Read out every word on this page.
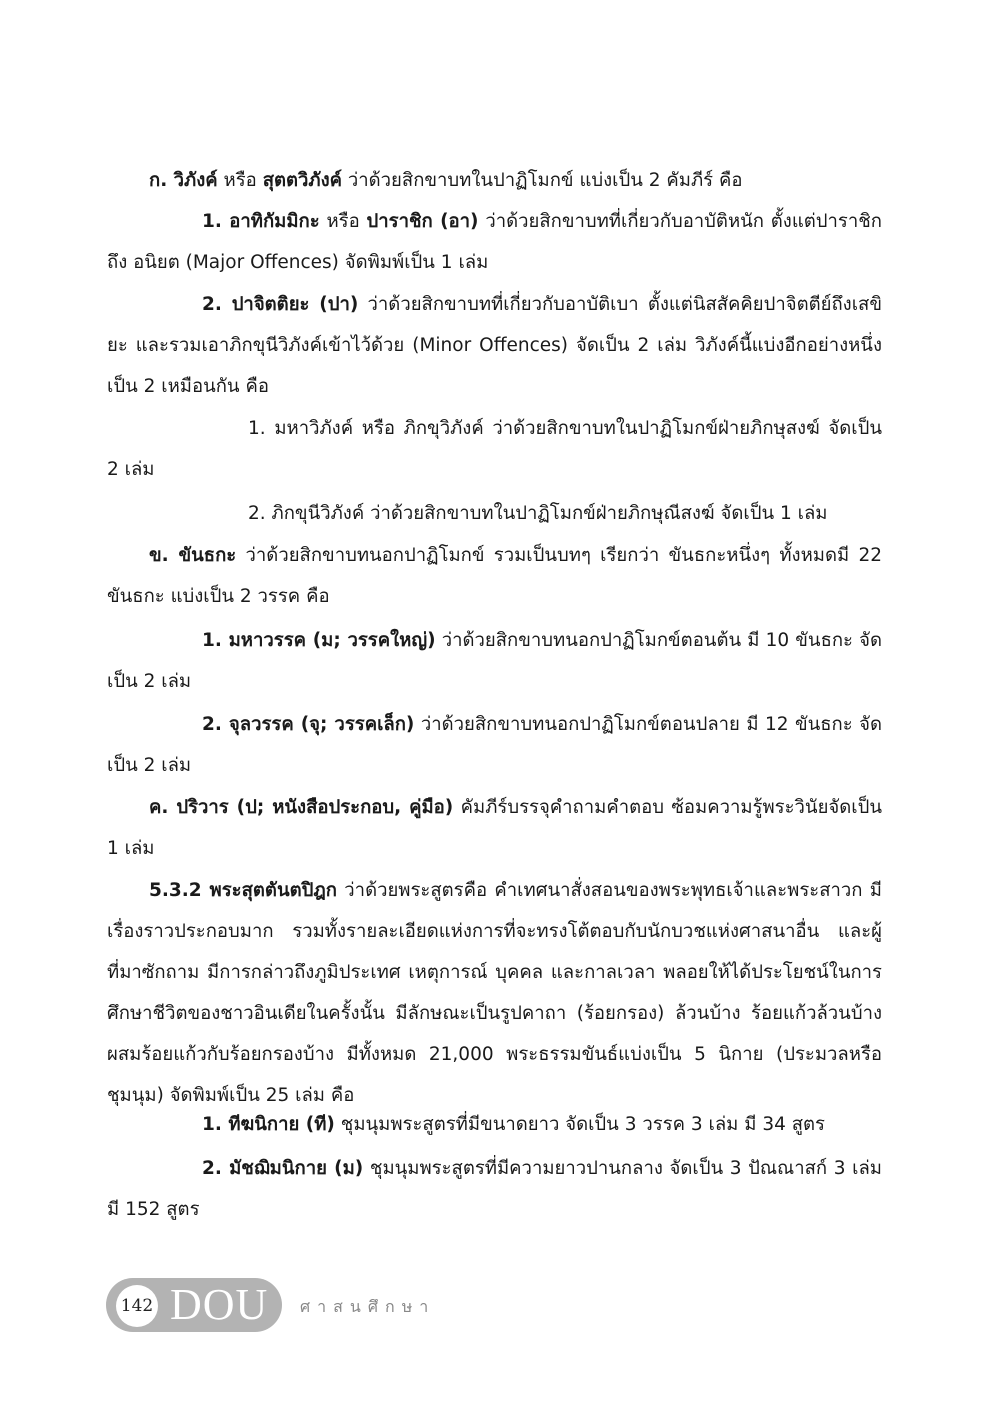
ก. วิภังค์ หรือ สุตตวิภังค์ ว่าด้วยสิกขาบทในปาฏิโมกข์ แบ่งเป็น 2 คัมภีร์ คือ

1. อาทิกัมมิกะ หรือ ปาราชิก (อา) ว่าด้วยสิกขาบทที่เกี่ยวกับอาบัติหนัก ตั้งแต่ปาราชิกถึง อนิยต (Major Offences) จัดพิมพ์เป็น 1 เล่ม

2. ปาจิตติยะ (ปา) ว่าด้วยสิกขาบทที่เกี่ยวกับอาบัติเบา ตั้งแต่นิสสัคคิยปาจิตตีย์ถึงเสขิยะ และรวมเอาภิกขุนีวิภังค์เข้าไว้ด้วย (Minor Offences) จัดเป็น 2 เล่ม วิภังค์นี้แบ่งอีกอย่างหนึ่งเป็น 2 เหมือนกัน คือ

1. มหาวิภังค์ หรือ ภิกขุวิภังค์ ว่าด้วยสิกขาบทในปาฏิโมกข์ฝ่ายภิกษุสงฆ์ จัดเป็น 2 เล่ม

2. ภิกขุนีวิภังค์ ว่าด้วยสิกขาบทในปาฏิโมกข์ฝ่ายภิกษุณีสงฆ์ จัดเป็น 1 เล่ม

ข. ขันธกะ ว่าด้วยสิกขาบทนอกปาฏิโมกข์ รวมเป็นบทๆ เรียกว่า ขันธกะหนึ่งๆ ทั้งหมดมี 22 ขันธกะ แบ่งเป็น 2 วรรค คือ

1. มหาวรรค (ม; วรรคใหญ่) ว่าด้วยสิกขาบทนอกปาฏิโมกข์ตอนต้น มี 10 ขันธกะ จัดเป็น 2 เล่ม

2. จุลวรรค (จุ; วรรคเล็ก) ว่าด้วยสิกขาบทนอกปาฏิโมกข์ตอนปลาย มี 12 ขันธกะ จัดเป็น 2 เล่ม

ค. ปริวาร (ป; หนังสือประกอบ, คู่มือ) คัมภีร์บรรจุคำถามคำตอบ ซ้อมความรู้พระวินัยจัดเป็น 1 เล่ม

5.3.2 พระสุตตันตปิฎก ว่าด้วยพระสูตรคือ คำเทศนาสั่งสอนของพระพุทธเจ้าและพระสาวก มีเรื่องราวประกอบมาก รวมทั้งรายละเอียดแห่งการที่จะทรงโต้ตอบกับนักบวชแห่งศาสนาอื่น และผู้ที่มาซักถาม มีการกล่าวถึงภูมิประเทศ เหตุการณ์ บุคคล และกาลเวลา พลอยให้ได้ประโยชน์ในการศึกษาชีวิตของชาวอินเดียในครั้งนั้น มีลักษณะเป็นรูปคาถา (ร้อยกรอง) ล้วนบ้าง ร้อยแก้วล้วนบ้าง ผสมร้อยแก้วกับร้อยกรองบ้าง มีทั้งหมด 21,000 พระธรรมขันธ์แบ่งเป็น 5 นิกาย (ประมวลหรือชุมนุม) จัดพิมพ์เป็น 25 เล่ม คือ

1. ทีฆนิกาย (ที) ชุมนุมพระสูตรที่มีขนาดยาว จัดเป็น 3 วรรค 3 เล่ม มี 34 สูตร

2. มัชฌิมนิกาย (ม) ชุมนุมพระสูตรที่มีความยาวปานกลาง จัดเป็น 3 ปัณณาสก์ 3 เล่ม มี 152 สูตร

142 DOU ศาสนศึกษา
